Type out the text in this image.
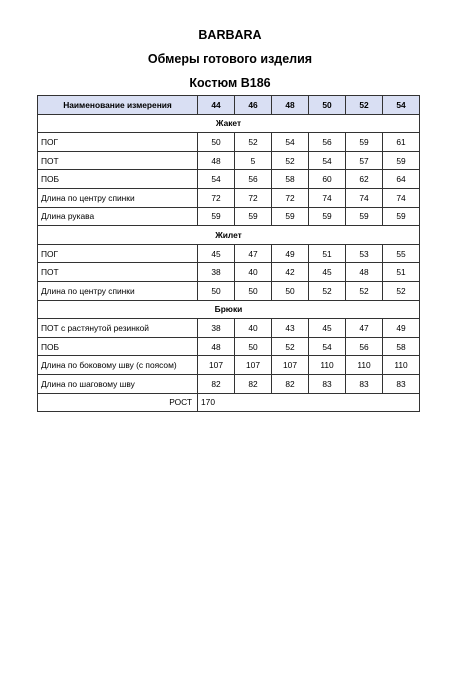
BARBARA
Обмеры готового изделия
Костюм В186
Наименование измерения	44	46	48	50	52	54
Жакет						
ПОГ	50	52	54	56	59	61
ПОТ	48	5	52	54	57	59
ПОБ	54	56	58	60	62	64
Длина по центру спинки	72	72	72	74	74	74
Длина рукава	59	59	59	59	59	59
Жилет						
ПОГ	45	47	49	51	53	55
ПОТ	38	40	42	45	48	51
Длина по центру спинки	50	50	50	52	52	52
Брюки						
ПОТ с растянутой резинкой	38	40	43	45	47	49
ПОБ	48	50	52	54	56	58
Длина по боковому шву (с поясом)	107	107	107	110	110	110
Длина по шаговому шву	82	82	82	83	83	83
РОСТ	170					
